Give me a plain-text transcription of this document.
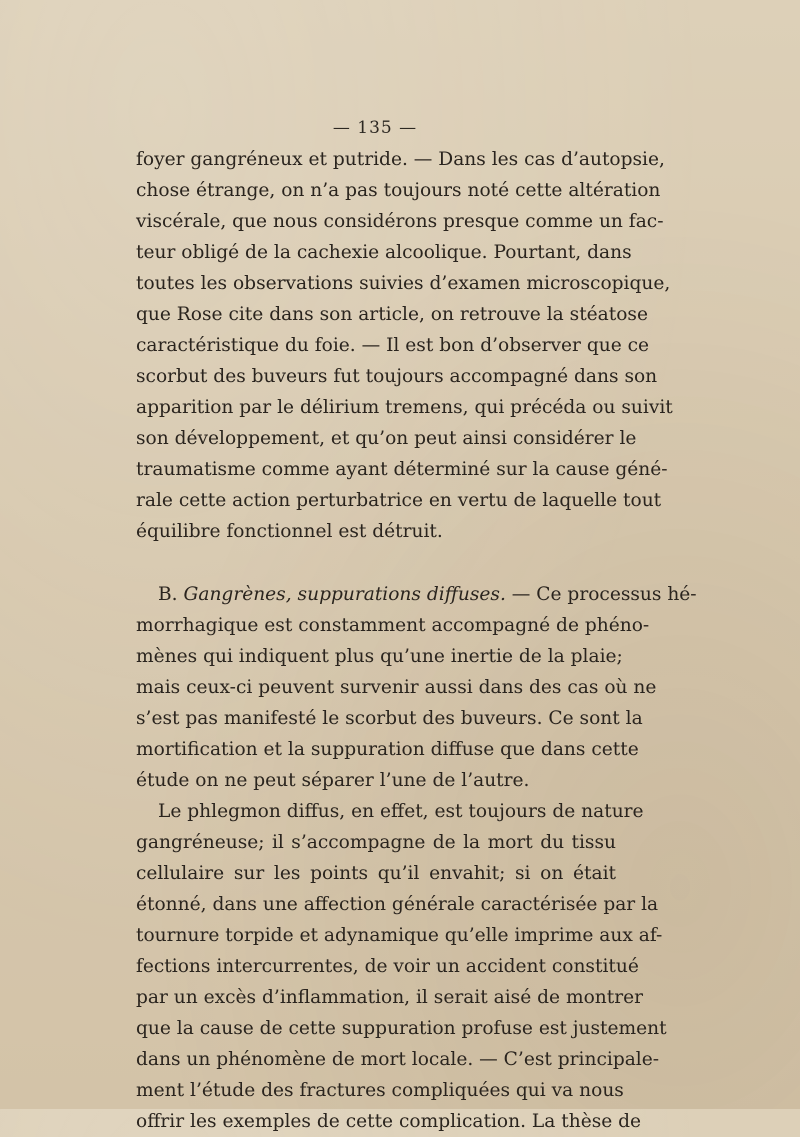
— 135 —
foyer gangréneux et putride. — Dans les cas d’autopsie,
chose étrange, on n’a pas toujours noté cette altération
viscérale, que nous considérons presque comme un fac-
teur obligé de la cachexie alcoolique. Pourtant, dans
toutes les observations suivies d’examen microscopique,
que Rose cite dans son article, on retrouve la stéatose
caractéristique du foie. — Il est bon d’observer que ce
scorbut des buveurs fut toujours accompagné dans son
apparition par le délirium tremens, qui précéda ou suivit
son développement, et qu’on peut ainsi considérer le
traumatisme comme ayant déterminé sur la cause géné-
rale cette action perturbatrice en vertu de laquelle tout
équilibre fonctionnel est détruit.
B. Gangrènes, suppurations diffuses. — Ce processus hé-
morrhagique est constamment accompagné de phéno-
mènes qui indiquent plus qu’une inertie de la plaie;
mais ceux-ci peuvent survenir aussi dans des cas où ne
s’est pas manifesté le scorbut des buveurs. Ce sont la
mortification et la suppuration diffuse que dans cette
étude on ne peut séparer l’une de l’autre.
Le phlegmon diffus, en effet, est toujours de nature
gangréneuse; il s’accompagne de la mort du tissu
cellulaire sur les points qu’il envahit; si on était
étonné, dans une affection générale caractérisée par la
tournure torpide et adynamique qu’elle imprime aux af-
fections intercurrentes, de voir un accident constitué
par un excès d’inflammation, il serait aisé de montrer
que la cause de cette suppuration profuse est justement
dans un phénomène de mort locale. — C’est principale-
ment l’étude des fractures compliquées qui va nous
offrir les exemples de cette complication. La thèse de
